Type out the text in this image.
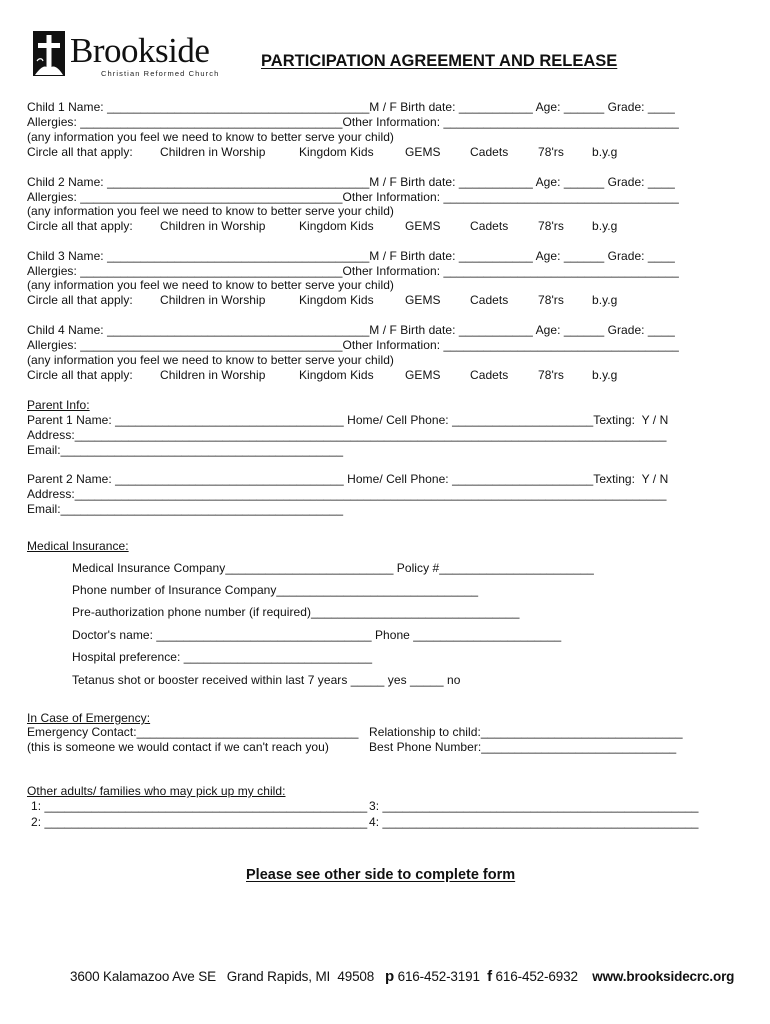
Brookside
Christian Reformed Church
PARTICIPATION AGREEMENT AND RELEASE
Child 1 Name: _______________________________________M / F Birth date: ___________ Age: ______ Grade: ____
Allergies: _______________________________________Other Information: ___________________________________
(any information you feel we need to know to better serve your child)
Circle all that apply: Children in Worship	Kingdom Kids	GEMS Cadets 78'rs b.y.g
Child 2 Name: _______________________________________M / F Birth date: ___________ Age: ______ Grade: ____
Allergies: _______________________________________Other Information: ___________________________________
(any information you feel we need to know to better serve your child)
Circle all that apply: Children in Worship	Kingdom Kids	GEMS Cadets 78'rs b.y.g
Child 3 Name: _______________________________________M / F Birth date: ___________ Age: ______ Grade: ____
Allergies: _______________________________________Other Information: ___________________________________
(any information you feel we need to know to better serve your child)
Circle all that apply: Children in Worship	Kingdom Kids	GEMS Cadets 78'rs b.y.g
Child 4 Name: _______________________________________M / F Birth date: ___________ Age: ______ Grade: ____
Allergies: _______________________________________Other Information: ___________________________________
(any information you feel we need to know to better serve your child)
Circle all that apply: Children in Worship	Kingdom Kids	GEMS Cadets 78'rs b.y.g
Parent Info:
Parent 1 Name: __________________________________ Home/ Cell Phone: _____________________Texting:  Y / N
Address:________________________________________________________________________________________
Email:__________________________________________
Parent 2 Name: __________________________________ Home/ Cell Phone: _____________________Texting:  Y / N
Address:________________________________________________________________________________________
Email:__________________________________________
Medical Insurance:
Medical Insurance Company_________________________ Policy #_______________________
Phone number of Insurance Company______________________________
Pre-authorization phone number (if required)_______________________________
Doctor's name: ________________________________ Phone ______________________
Hospital preference: ____________________________
Tetanus shot or booster received within last 7 years _____ yes _____ no
In Case of Emergency:
Emergency Contact:_________________________________
(this is someone we would contact if we can't reach you)
Relationship to child:______________________________
Best Phone Number:_____________________________
Other adults/ families who may pick up my child:
1: ________________________________________________
2: ________________________________________________
3: _______________________________________________
4: _______________________________________________
Please see other side to complete form
3600 Kalamazoo Ave SE   Grand Rapids, MI  49508 p 616-452-3191 f 616-452-6932 www.brooksidecrc.org
